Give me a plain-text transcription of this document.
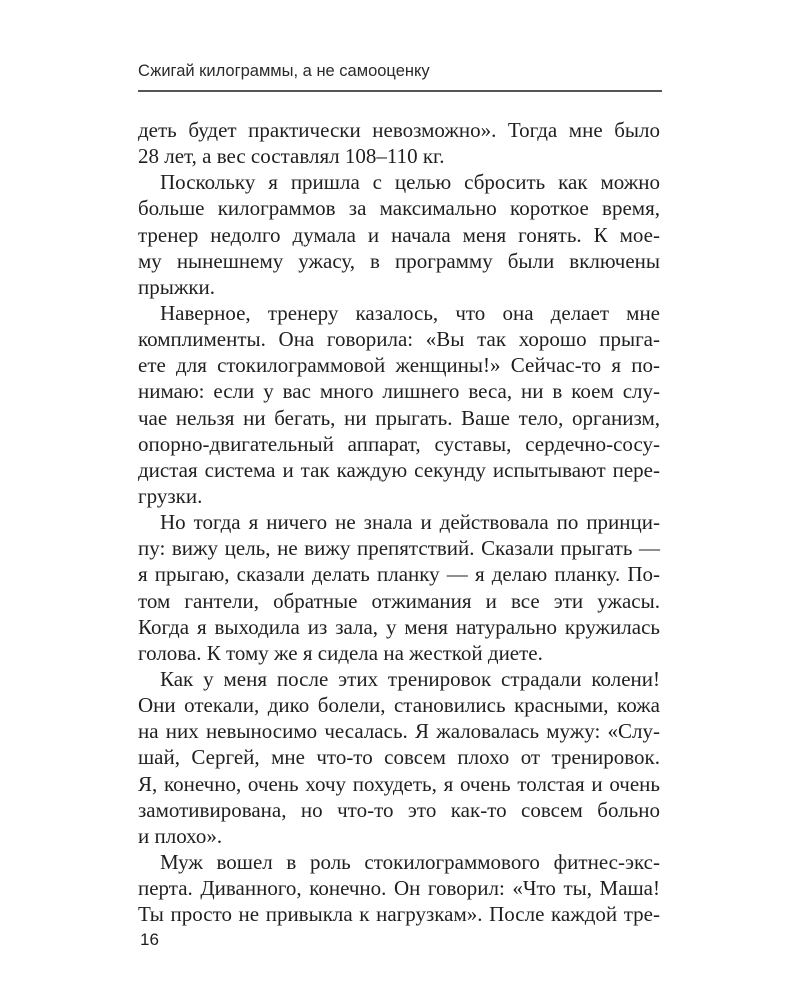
Сжигай килограммы, а не самооценку
деть будет практически невозможно». Тогда мне было
28 лет, а вес составлял 108–110 кг.
Поскольку я пришла с целью сбросить как можно
больше килограммов за максимально короткое время,
тренер недолго думала и начала меня гонять. К мое-
му нынешнему ужасу, в программу были включены
прыжки.
Наверное, тренеру казалось, что она делает мне
комплименты. Она говорила: «Вы так хорошо прыга-
ете для стокилограммовой женщины!» Сейчас-то я по-
нимаю: если у вас много лишнего веса, ни в коем слу-
чае нельзя ни бегать, ни прыгать. Ваше тело, организм,
опорно-двигательный аппарат, суставы, сердечно-сосу-
дистая система и так каждую секунду испытывают пере-
грузки.
Но тогда я ничего не знала и действовала по принци-
пу: вижу цель, не вижу препятствий. Сказали прыгать —
я прыгаю, сказали делать планку — я делаю планку. По-
том гантели, обратные отжимания и все эти ужасы.
Когда я выходила из зала, у меня натурально кружилась
голова. К тому же я сидела на жесткой диете.
Как у меня после этих тренировок страдали колени!
Они отекали, дико болели, становились красными, кожа
на них невыносимо чесалась. Я жаловалась мужу: «Слу-
шай, Сергей, мне что-то совсем плохо от тренировок.
Я, конечно, очень хочу похудеть, я очень толстая и очень
замотивирована, но что-то это как-то совсем больно
и плохо».
Муж вошел в роль стокилограммового фитнес-экс-
перта. Диванного, конечно. Он говорил: «Что ты, Маша!
Ты просто не привыкла к нагрузкам». После каждой тре-
16
